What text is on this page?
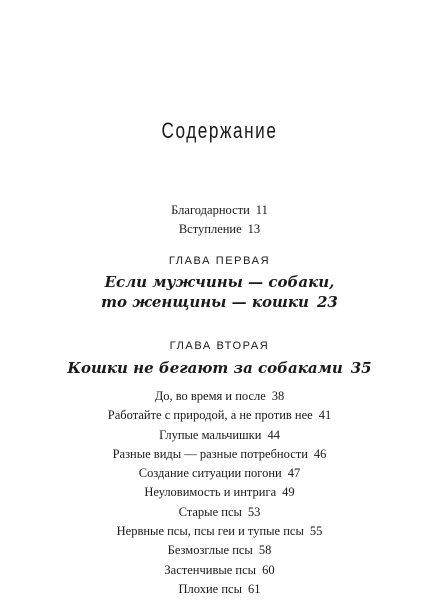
Содержание
Благодарности 11
Вступление 13
ГЛАВА ПЕРВАЯ
Если мужчины — собаки,
то женщины — кошки 23
ГЛАВА ВТОРАЯ
Кошки не бегают за собаками 35
До, во время и после 38
Работайте с природой, а не против нее 41
Глупые мальчишки 44
Разные виды — разные потребности 46
Создание ситуации погони 47
Неуловимость и интрига 49
Старые псы 53
Нервные псы, псы геи и тупые псы 55
Безмозглые псы 58
Застенчивые псы 60
Плохие псы 61
